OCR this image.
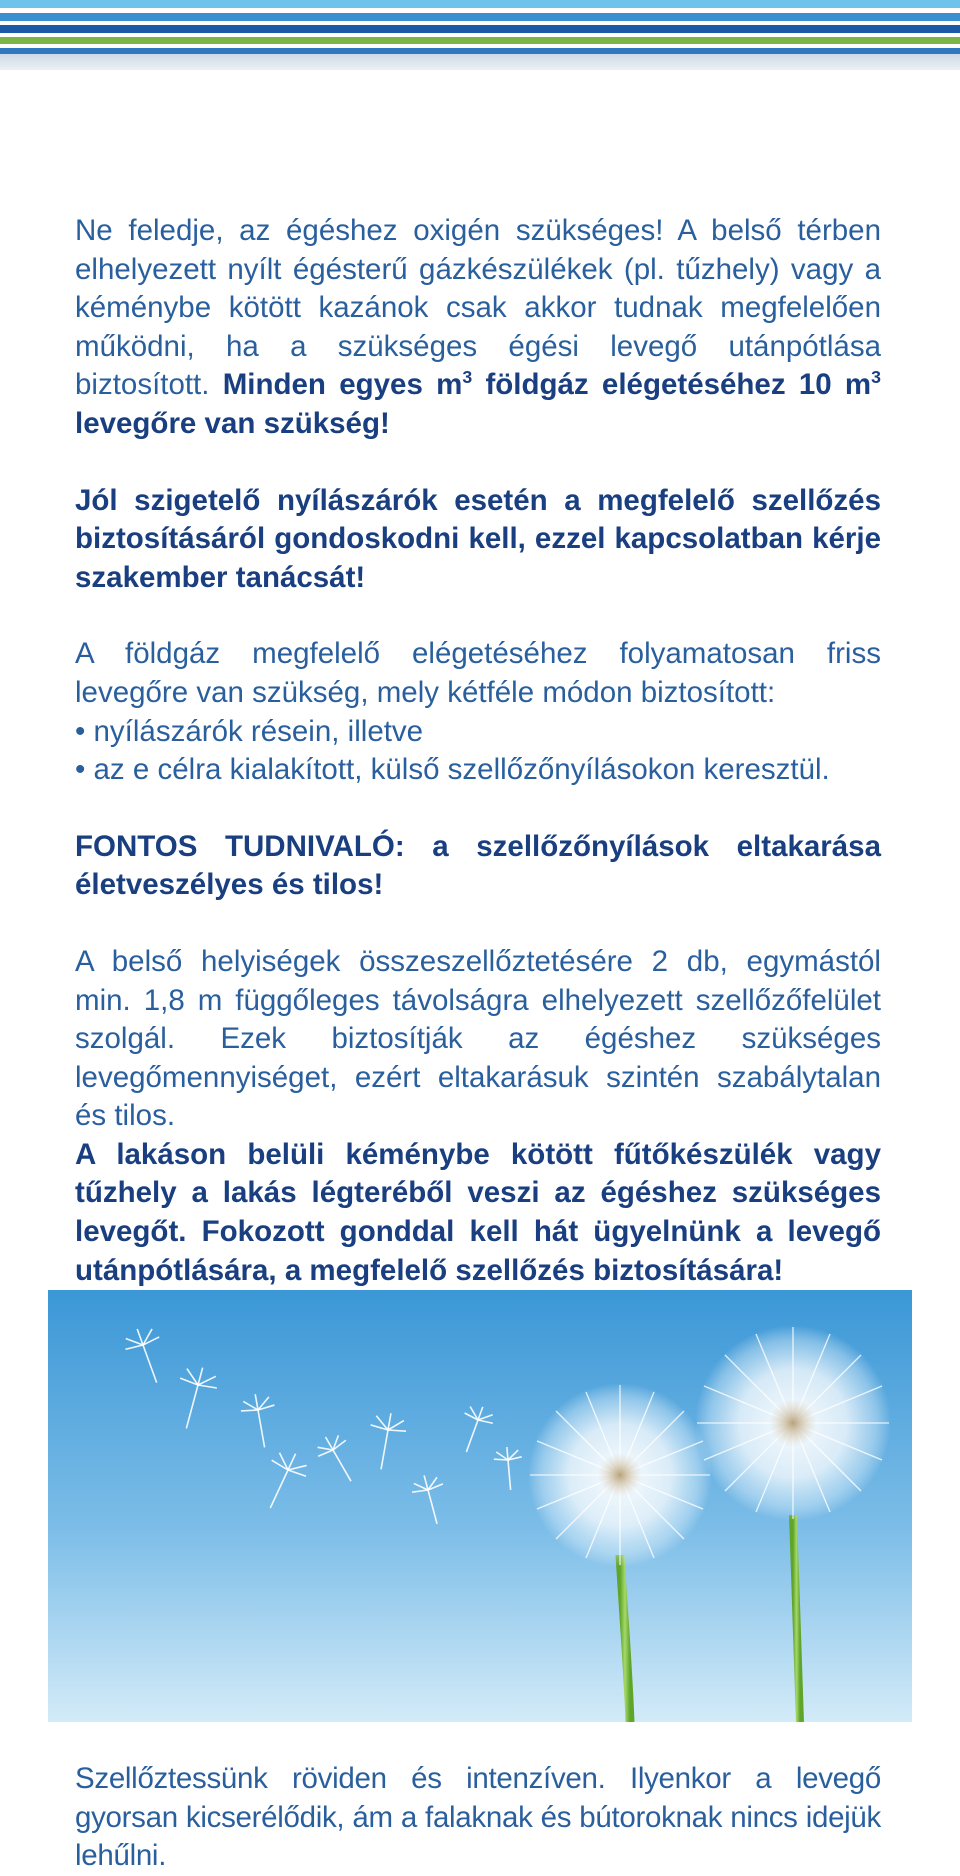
Ne feledje, az égéshez oxigén szükséges! A belső térben elhelyezett nyílt égésterű gázkészülékek (pl. tűzhely) vagy a kéménybe kötött kazánok csak akkor tudnak megfelelően működni, ha a szükséges égési levegő utánpótlása biztosított. Minden egyes $m^3$ földgáz elégetéséhez 10 $m^3$ levegőre van szükség!

Jól szigetelő nyílászárók esetén a megfelelő szellőzés biztosításáról gondoskodni kell, ezzel kapcsolatban kérje szakember tanácsát!

A földgáz megfelelő elégetéséhez folyamatosan friss levegőre van szükség, mely kétféle módon biztosított:
• nyílászárók résein, illetve
• az e célra kialakított, külső szellőzőnyílásokon keresztül.

FONTOS TUDNIVALÓ: a szellőzőnyílások eltakarása életveszélyes és tilos!

A belső helyiségek összeszellőztetésére 2 db, egymástól min. 1,8 m függőleges távolságra elhelyezett szellőzőfelület szolgál. Ezek biztosítják az égéshez szükséges levegőmennyiséget, ezért eltakarásuk szintén szabálytalan és tilos.

A lakáson belüli kéménybe kötött fűtőkészülék vagy tűzhely a lakás légteréből veszi az égéshez szükséges levegőt. Fokozott gonddal kell hát ügyelnünk a levegő utánpótlására, a megfelelő szellőzés biztosítására!

Szellőztessünk röviden és intenzíven. Ilyenkor a levegő gyorsan kicserélődik, ám a falaknak és bútoroknak nincs idejük lehűlni.
